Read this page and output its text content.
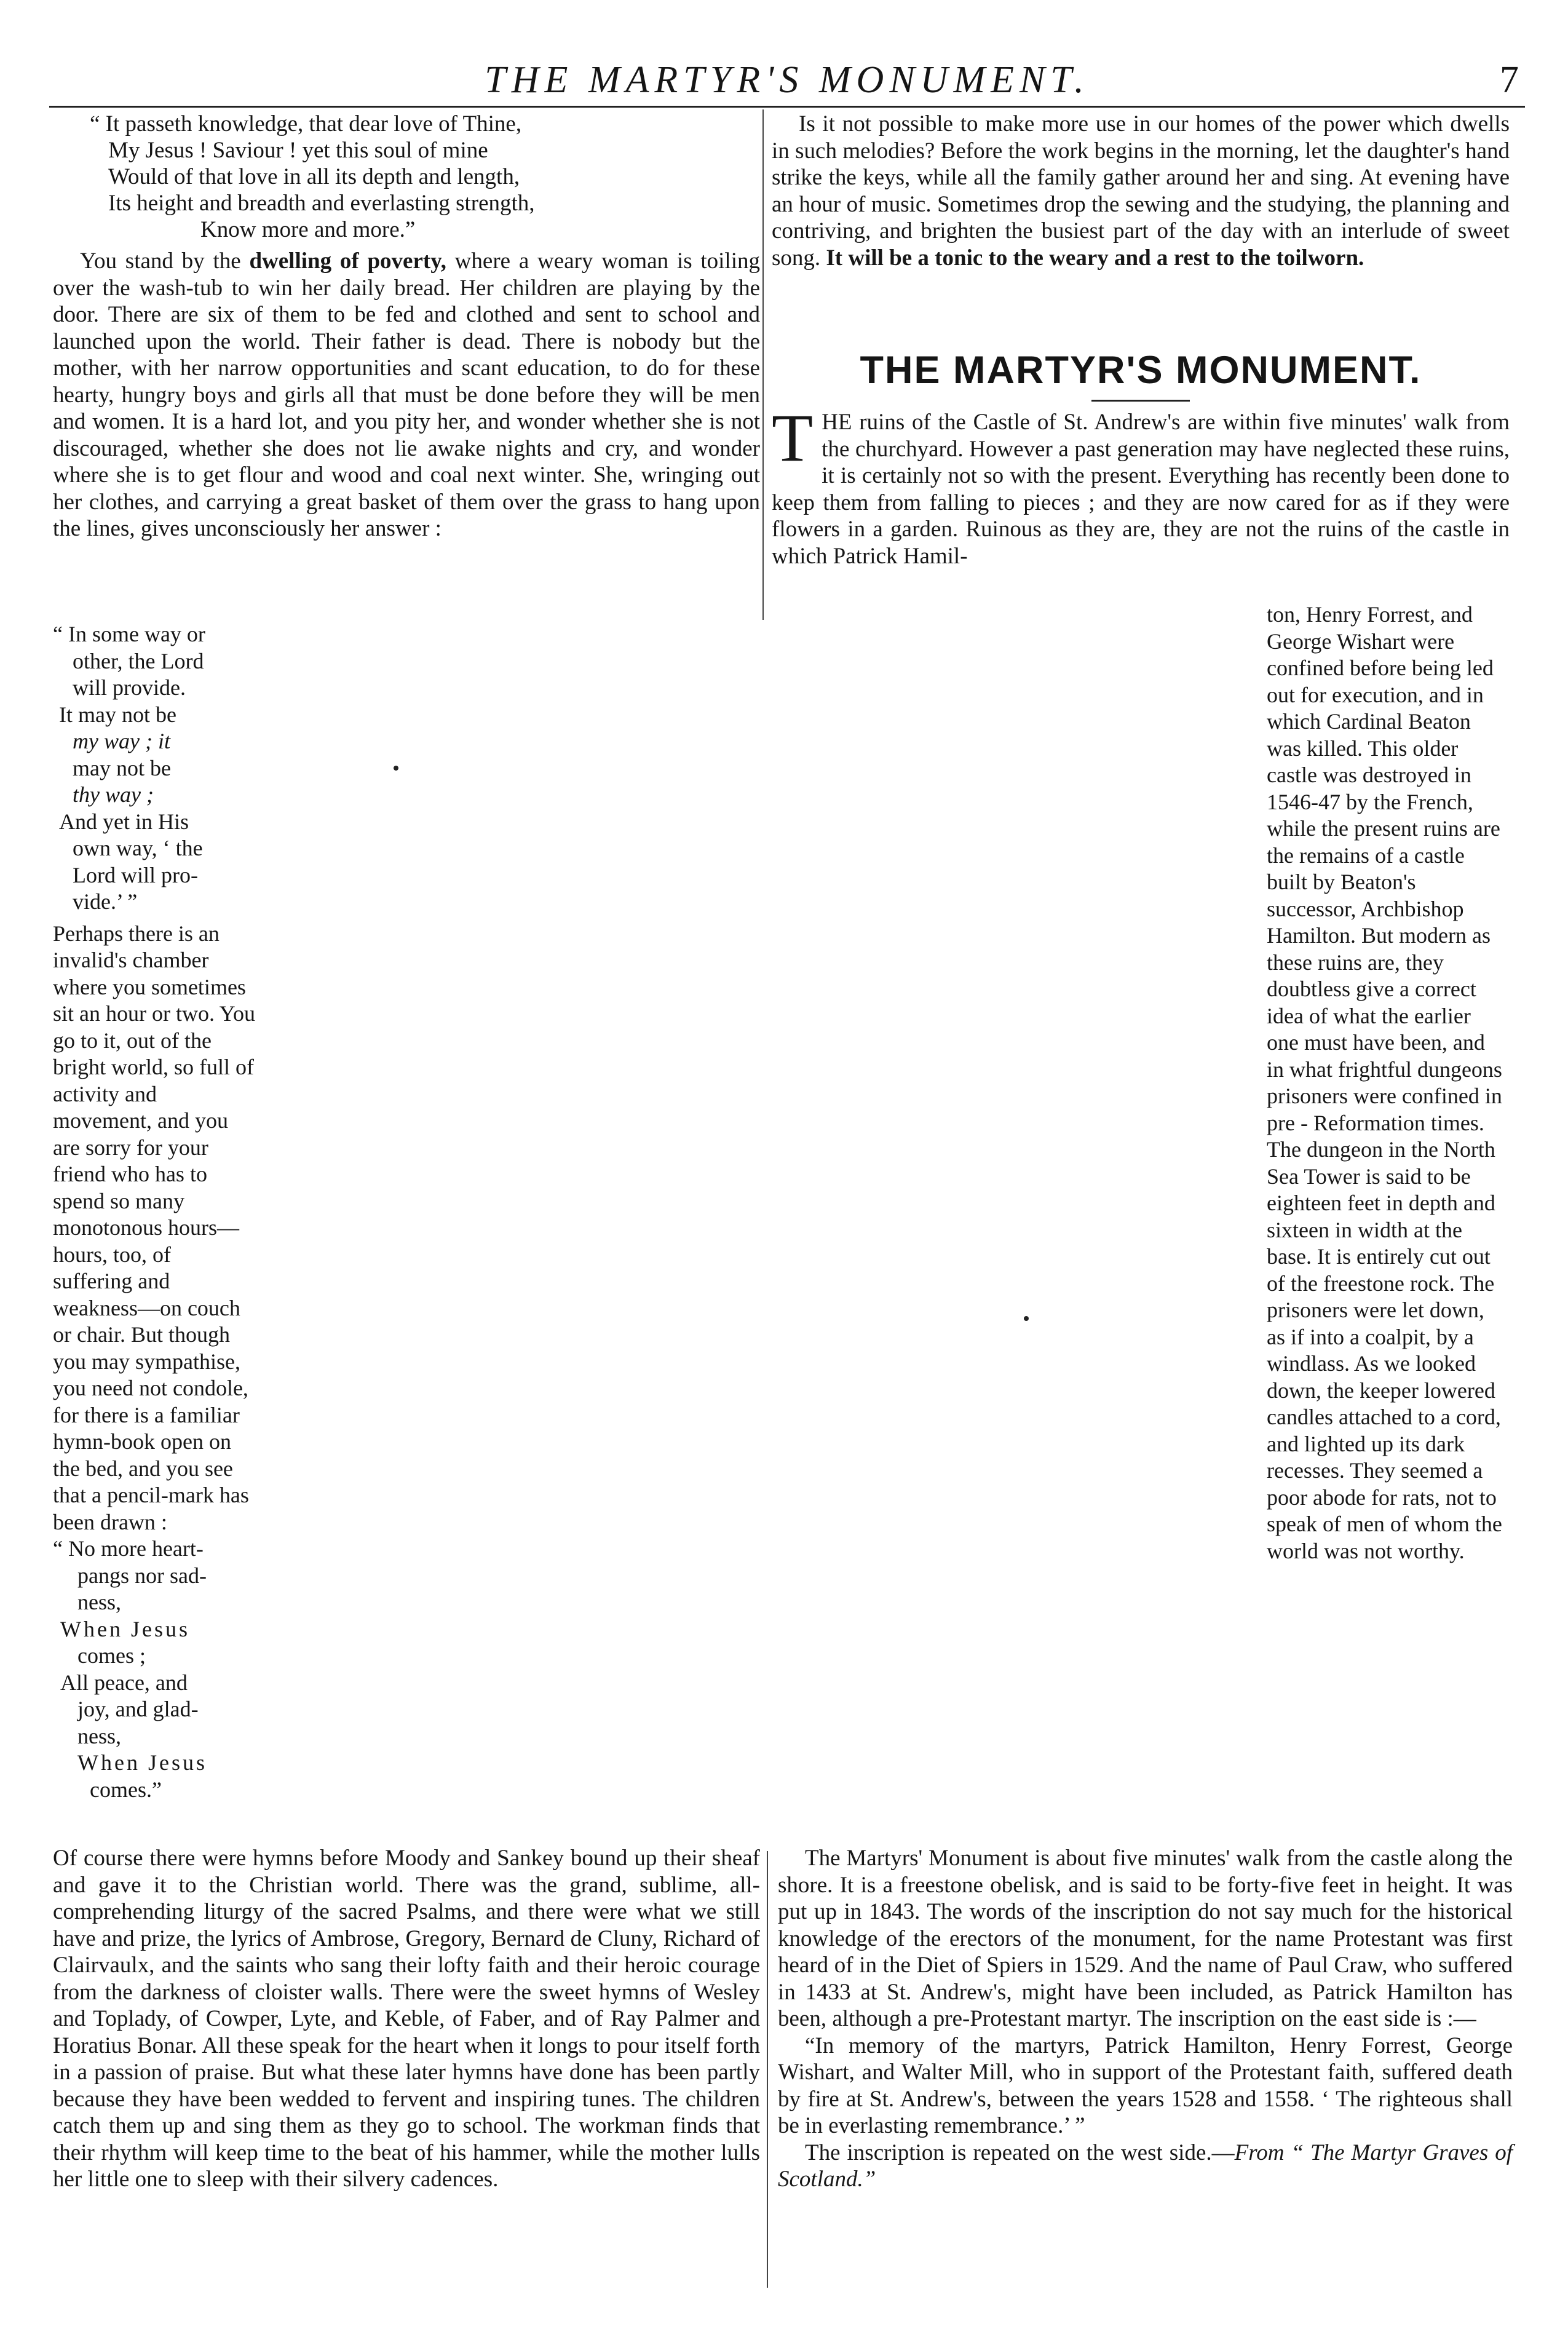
THE MARTYR'S MONUMENT.	7
“ It passeth knowledge, that dear love of Thine,
My Jesus ! Saviour ! yet this soul of mine
Would of that love in all its depth and length,
Its height and breadth and everlasting strength,
Know more and more.”

You stand by the dwelling of poverty, where a weary woman is toiling over the wash-tub to win her daily bread. Her children are playing by the door. There are six of them to be fed and clothed and sent to school and launched upon the world. Their father is dead. There is nobody but the mother, with her narrow opportunities and scant education, to do for these hearty, hungry boys and girls all that must be done before they will be men and women. It is a hard lot, and you pity her, and wonder whether she is not discouraged, whether she does not lie awake nights and cry, and wonder where she is to get flour and wood and coal next winter. She, wringing out her clothes, and carrying a great basket of them over the grass to hang upon the lines, gives unconsciously her answer :

Is it not possible to make more use in our homes of the power which dwells in such melodies? Before the work begins in the morning, let the daughter's hand strike the keys, while all the family gather around her and sing. At evening have an hour of music. Sometimes drop the sewing and the studying, the planning and contriving, and brighten the busiest part of the day with an interlude of sweet song. It will be a tonic to the weary and a rest to the toilworn.

THE MARTYR'S MONUMENT.

THE ruins of the Castle of St. Andrew's are within five minutes' walk from the churchyard. However a past generation may have neglected these ruins, it is certainly not so with the present. Everything has recently been done to keep them from falling to pieces ; and they are now cared for as if they were flowers in a garden. Ruinous as they are, they are not the ruins of the castle in which Patrick Hamil-

“ In some way or
other, the Lord
will provide.
It may not be
my way ; it
may not be
thy way ;
And yet in His
own way, ‘ the
Lord will pro-
vide.’ ”

Perhaps there is an invalid's chamber where you sometimes sit an hour or two. You go to it, out of the bright world, so full of activity and movement, and you are sorry for your friend who has to spend so many monotonous hours—hours, too, of suffering and weakness—on couch or chair. But though you may sympathise, you need not condole, for there is a familiar hymn-book open on the bed, and you see that a pencil-mark has been drawn :

“ No more heart-
pangs nor sad-
ness,
When Jesus
comes ;
All peace, and
joy, and glad-
ness,
When Jesus
comes.”

ton, Henry Forrest, and George Wishart were confined before being led out for execution, and in which Cardinal Beaton was killed. This older castle was destroyed in 1546-47 by the French, while the present ruins are the remains of a castle built by Beaton's successor, Archbishop Hamilton. But modern as these ruins are, they doubtless give a correct idea of what the earlier one must have been, and in what frightful dungeons prisoners were confined in pre - Reformation times. The dungeon in the North Sea Tower is said to be eighteen feet in depth and sixteen in width at the base. It is entirely cut out of the freestone rock. The prisoners were let down, as if into a coalpit, by a windlass. As we looked down, the keeper lowered candles attached to a cord, and lighted up its dark recesses. They seemed a poor abode for rats, not to speak of men of whom the world was not worthy.

Of course there were hymns before Moody and Sankey bound up their sheaf and gave it to the Christian world. There was the grand, sublime, all-comprehending liturgy of the sacred Psalms, and there were what we still have and prize, the lyrics of Ambrose, Gregory, Bernard de Cluny, Richard of Clairvaulx, and the saints who sang their lofty faith and their heroic courage from the darkness of cloister walls. There were the sweet hymns of Wesley and Toplady, of Cowper, Lyte, and Keble, of Faber, and of Ray Palmer and Horatius Bonar. All these speak for the heart when it longs to pour itself forth in a passion of praise. But what these later hymns have done has been partly because they have been wedded to fervent and inspiring tunes. The children catch them up and sing them as they go to school. The workman finds that their rhythm will keep time to the beat of his hammer, while the mother lulls her little one to sleep with their silvery cadences.

The Martyrs' Monument is about five minutes' walk from the castle along the shore. It is a freestone obelisk, and is said to be forty-five feet in height. It was put up in 1843. The words of the inscription do not say much for the historical knowledge of the erectors of the monument, for the name Protestant was first heard of in the Diet of Spiers in 1529. And the name of Paul Craw, who suffered in 1433 at St. Andrew's, might have been included, as Patrick Hamilton has been, although a pre-Protestant martyr. The inscription on the east side is :—

“In memory of the martyrs, Patrick Hamilton, Henry Forrest, George Wishart, and Walter Mill, who in support of the Protestant faith, suffered death by fire at St. Andrew's, between the years 1528 and 1558. ‘ The righteous shall be in everlasting remembrance.’ ”

The inscription is repeated on the west side.—From “ The Martyr Graves of Scotland.”
